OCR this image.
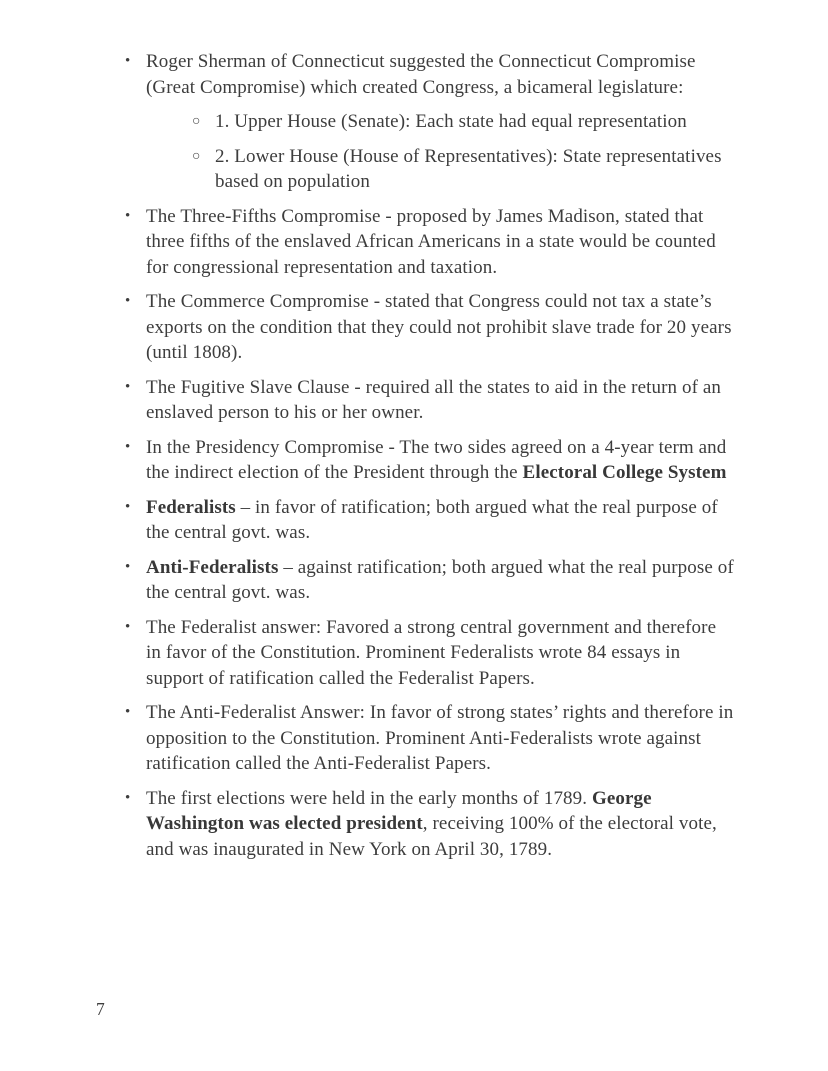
• Roger Sherman of Connecticut suggested the Connecticut Compromise (Great Compromise) which created Congress, a bicameral legislature:
○ 1. Upper House (Senate): Each state had equal representation
○ 2. Lower House (House of Representatives): State representatives based on population
• The Three-Fifths Compromise - proposed by James Madison, stated that three fifths of the enslaved African Americans in a state would be counted for congressional representation and taxation.
• The Commerce Compromise - stated that Congress could not tax a state’s exports on the condition that they could not prohibit slave trade for 20 years (until 1808).
• The Fugitive Slave Clause - required all the states to aid in the return of an enslaved person to his or her owner.
• In the Presidency Compromise - The two sides agreed on a 4-year term and the indirect election of the President through the Electoral College System
• Federalists – in favor of ratification; both argued what the real purpose of the central govt. was.
• Anti-Federalists – against ratification; both argued what the real purpose of the central govt. was.
• The Federalist answer: Favored a strong central government and therefore in favor of the Constitution. Prominent Federalists wrote 84 essays in support of ratification called the Federalist Papers.
• The Anti-Federalist Answer: In favor of strong states’ rights and therefore in opposition to the Constitution. Prominent Anti-Federalists wrote against ratification called the Anti-Federalist Papers.
• The first elections were held in the early months of 1789. George Washington was elected president, receiving 100% of the electoral vote, and was inaugurated in New York on April 30, 1789.
7
